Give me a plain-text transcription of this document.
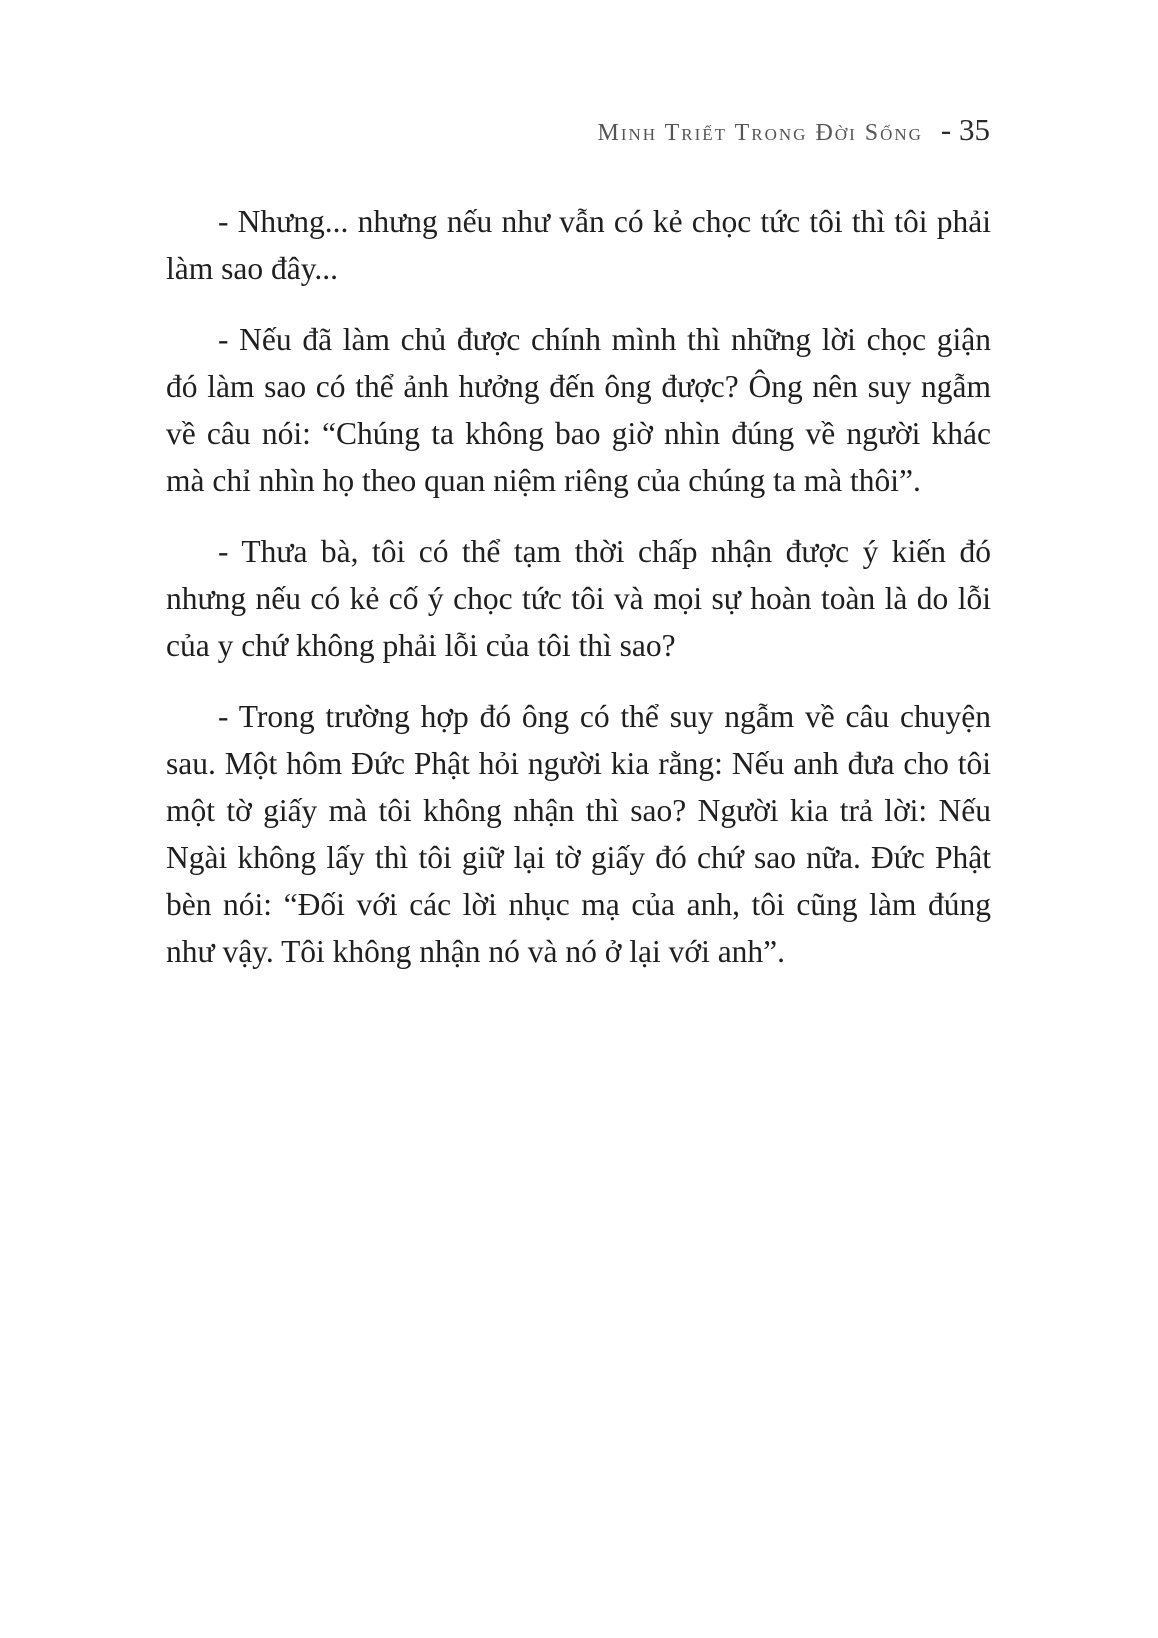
Minh Triết Trong Đời Sống - 35

- Nhưng... nhưng nếu như vẫn có kẻ chọc tức tôi thì tôi phải làm sao đây...

- Nếu đã làm chủ được chính mình thì những lời chọc giận đó làm sao có thể ảnh hưởng đến ông được? Ông nên suy ngẫm về câu nói: “Chúng ta không bao giờ nhìn đúng về người khác mà chỉ nhìn họ theo quan niệm riêng của chúng ta mà thôi”.

- Thưa bà, tôi có thể tạm thời chấp nhận được ý kiến đó nhưng nếu có kẻ cố ý chọc tức tôi và mọi sự hoàn toàn là do lỗi của y chứ không phải lỗi của tôi thì sao?

- Trong trường hợp đó ông có thể suy ngẫm về câu chuyện sau. Một hôm Đức Phật hỏi người kia rằng: Nếu anh đưa cho tôi một tờ giấy mà tôi không nhận thì sao? Người kia trả lời: Nếu Ngài không lấy thì tôi giữ lại tờ giấy đó chứ sao nữa. Đức Phật bèn nói: “Đối với các lời nhục mạ của anh, tôi cũng làm đúng như vậy. Tôi không nhận nó và nó ở lại với anh”.
